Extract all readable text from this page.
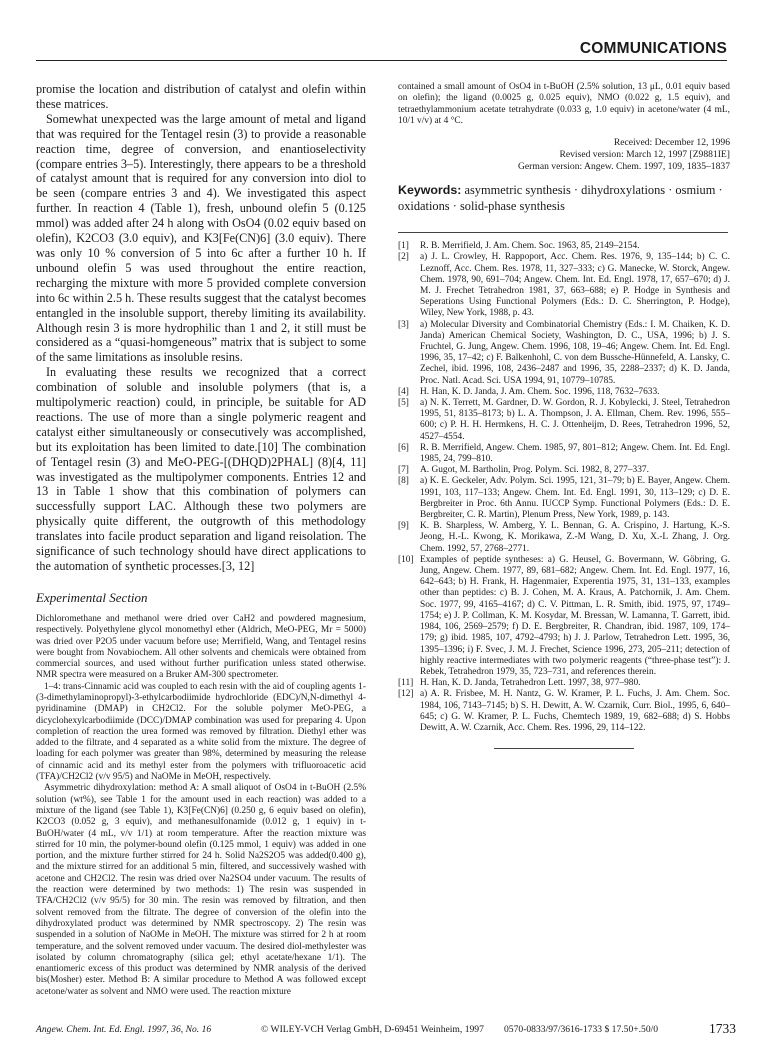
COMMUNICATIONS

promise the location and distribution of catalyst and olefin within these matrices.

Somewhat unexpected was the large amount of metal and ligand that was required for the Tentagel resin (3) to provide a reasonable reaction time, degree of conversion, and enantioselectivity (compare entries 3–5). Interestingly, there appears to be a threshold of catalyst amount that is required for any conversion into diol to be seen (compare entries 3 and 4). We investigated this aspect further. In reaction 4 (Table 1), fresh, unbound olefin 5 (0.125 mmol) was added after 24 h along with OsO4 (0.02 equiv based on olefin), K2CO3 (3.0 equiv), and K3[Fe(CN)6] (3.0 equiv). There was only 10 % conversion of 5 into 6c after a further 10 h. If unbound olefin 5 was used throughout the entire reaction, recharging the mixture with more 5 provided complete conversion into 6c within 2.5 h. These results suggest that the catalyst becomes entangled in the insoluble support, thereby limiting its availability. Although resin 3 is more hydrophilic than 1 and 2, it still must be considered as a “quasi-homgeneous” matrix that is subject to some of the same limitations as insoluble resins.

In evaluating these results we recognized that a correct combination of soluble and insoluble polymers (that is, a multipolymeric reaction) could, in principle, be suitable for AD reactions. The use of more than a single polymeric reagent and catalyst either simultaneously or consecutively was accomplished, but its exploitation has been limited to date.[10] The combination of Tentagel resin (3) and MeO-PEG-[(DHQD)2PHAL] (8)[4, 11] was investigated as the multipolymer components. Entries 12 and 13 in Table 1 show that this combination of polymers can successfully support LAC. Although these two polymers are physically quite different, the outgrowth of this methodology translates into facile product separation and ligand reisolation. The significance of such technology should have direct applications to the automation of synthetic processes.[3, 12]

Experimental Section

Dichloromethane and methanol were dried over CaH2 and powdered magnesium, respectively. Polyethylene glycol monomethyl ether (Aldrich, MeO-PEG, Mr = 5000) was dried over P2O5 under vacuum before use; Merrifield, Wang, and Tentagel resins were bought from Novabiochem. All other solvents and chemicals were obtained from commercial sources, and used without further purification unless stated otherwise. NMR spectra were measured on a Bruker AM-300 spectrometer.

1–4: trans-Cinnamic acid was coupled to each resin with the aid of coupling agents 1-(3-dimethylaminopropyl)-3-ethylcarbodiimide hydrochloride (EDC)/N,N-dimethyl 4-pyridinamine (DMAP) in CH2Cl2. For the soluble polymer MeO-PEG, a dicyclohexylcarbodiimide (DCC)/DMAP combination was used for preparing 4. Upon completion of reaction the urea formed was removed by filtration. Diethyl ether was added to the filtrate, and 4 separated as a white solid from the mixture. The degree of loading for each polymer was greater than 98%, determined by measuring the release of cinnamic acid and its methyl ester from the polymers with trifluoroacetic acid (TFA)/CH2Cl2 (v/v 95/5) and NaOMe in MeOH, respectively.

Asymmetric dihydroxylation: method A: A small aliquot of OsO4 in t-BuOH (2.5% solution (wt%), see Table 1 for the amount used in each reaction) was added to a mixture of the ligand (see Table 1), K3[Fe(CN)6] (0.250 g, 6 equiv based on olefin), K2CO3 (0.052 g, 3 equiv), and methanesulfonamide (0.012 g, 1 equiv) in t-BuOH/water (4 mL, v/v 1/1) at room temperature. After the reaction mixture was stirred for 10 min, the polymer-bound olefin (0.125 mmol, 1 equiv) was added in one portion, and the mixture further stirred for 24 h. Solid Na2S2O5 was added(0.400 g), and the mixture stirred for an additional 5 min, filtered, and successively washed with acetone and CH2Cl2. The resin was dried over Na2SO4 under vacuum. The results of the reaction were determined by two methods: 1) The resin was suspended in TFA/CH2Cl2 (v/v 95/5) for 30 min. The resin was removed by filtration, and then solvent removed from the filtrate. The degree of conversion of the olefin into the dihydroxylated product was determined by NMR spectroscopy. 2) The resin was suspended in a solution of NaOMe in MeOH. The mixture was stirred for 2 h at room temperature, and the solvent removed under vacuum. The desired diol-methylester was isolated by column chromatography (silica gel; ethyl acetate/hexane 1/1). The enantiomeric excess of this product was determined by NMR analysis of the derived bis(Mosher) ester. Method B: A similar procedure to Method A was followed except acetone/water as solvent and NMO were used. The reaction mixture

contained a small amount of OsO4 in t-BuOH (2.5% solution, 13 μL, 0.01 equiv based on olefin); the ligand (0.0025 g, 0.025 equiv), NMO (0.022 g, 1.5 equiv), and tetraethylammonium acetate tetrahydrate (0.033 g, 1.0 equiv) in acetone/water (4 mL, 10/1 v/v) at 4 °C.

Received: December 12, 1996
Revised version: March 12, 1997 [Z9881IE]
German version: Angew. Chem. 1997, 109, 1835–1837
Keywords: asymmetric synthesis · dihydroxylations · osmium · oxidations · solid-phase synthesis
[1] R. B. Merrifield, J. Am. Chem. Soc. 1963, 85, 2149–2154.
[2] a) J. L. Crowley, H. Rappoport, Acc. Chem. Res. 1976, 9, 135–144; b) C. C. Leznoff, Acc. Chem. Res. 1978, 11, 327–333; c) G. Manecke, W. Storck, Angew. Chem. 1978, 90, 691–704; Angew. Chem. Int. Ed. Engl. 1978, 17, 657–670; d) J. M. J. Frechet Tetrahedron 1981, 37, 663–688; e) P. Hodge in Synthesis and Seperations Using Functional Polymers (Eds.: D. C. Sherrington, P. Hodge), Wiley, New York, 1988, p. 43.
[3] a) Molecular Diversity and Combinatorial Chemistry (Eds.: I. M. Chaiken, K. D. Janda) American Chemical Society, Washington, D. C., USA, 1996; b) J. S. Fruchtel, G. Jung, Angew. Chem. 1996, 108, 19–46; Angew. Chem. Int. Ed. Engl. 1996, 35, 17–42; c) F. Balkenhohl, C. von dem Bussche-Hünnefeld, A. Lansky, C. Zechel, ibid. 1996, 108, 2436–2487 and 1996, 35, 2288–2337; d) K. D. Janda, Proc. Natl. Acad. Sci. USA 1994, 91, 10779–10785.
[4] H. Han, K. D. Janda, J. Am. Chem. Soc. 1996, 118, 7632–7633.
[5] a) N. K. Terrett, M. Gardner, D. W. Gordon, R. J. Kobylecki, J. Steel, Tetrahedron 1995, 51, 8135–8173; b) L. A. Thompson, J. A. Ellman, Chem. Rev. 1996, 555–600; c) P. H. H. Hermkens, H. C. J. Ottenheijm, D. Rees, Tetrahedron 1996, 52, 4527–4554.
[6] R. B. Merrifield, Angew. Chem. 1985, 97, 801–812; Angew. Chem. Int. Ed. Engl. 1985, 24, 799–810.
[7] A. Gugot, M. Bartholin, Prog. Polym. Sci. 1982, 8, 277–337.
[8] a) K. E. Geckeler, Adv. Polym. Sci. 1995, 121, 31–79; b) E. Bayer, Angew. Chem. 1991, 103, 117–133; Angew. Chem. Int. Ed. Engl. 1991, 30, 113–129; c) D. E. Bergbreiter in Proc. 6th Annu. IUCCP Symp. Functional Polymers (Eds.: D. E. Bergbreiter, C. R. Martin), Plenum Press, New York, 1989, p. 143.
[9] K. B. Sharpless, W. Amberg, Y. L. Bennan, G. A. Crispino, J. Hartung, K.-S. Jeong, H.-L. Kwong, K. Morikawa, Z.-M Wang, D. Xu, X.-L Zhang, J. Org. Chem. 1992, 57, 2768–2771.
[10] Examples of peptide syntheses: a) G. Heusel, G. Bovermann, W. Göbring, G. Jung, Angew. Chem. 1977, 89, 681–682; Angew. Chem. Int. Ed. Engl. 1977, 16, 642–643; b) H. Frank, H. Hagenmaier, Experentia 1975, 31, 131–133, examples other than peptides: c) B. J. Cohen, M. A. Kraus, A. Patchornik, J. Am. Chem. Soc. 1977, 99, 4165–4167; d) C. V. Pittman, L. R. Smith, ibid. 1975, 97, 1749–1754; e) J. P. Collman, K. M. Kosydar, M. Bressan, W. Lamanna, T. Garrett, ibid. 1984, 106, 2569–2579; f) D. E. Bergbreiter, R. Chandran, ibid. 1987, 109, 174–179; g) ibid. 1985, 107, 4792–4793; h) J. J. Parlow, Tetrahedron Lett. 1995, 36, 1395–1396; i) F. Svec, J. M. J. Frechet, Science 1996, 273, 205–211; detection of highly reactive intermediates with two polymeric reagents (“three-phase test”): J. Rebek, Tetrahedron 1979, 35, 723–731, and references therein.
[11] H. Han, K. D. Janda, Tetrahedron Lett. 1997, 38, 977–980.
[12] a) A. R. Frisbee, M. H. Nantz, G. W. Kramer, P. L. Fuchs, J. Am. Chem. Soc. 1984, 106, 7143–7145; b) S. H. Dewitt, A. W. Czarnik, Curr. Biol., 1995, 6, 640–645; c) G. W. Kramer, P. L. Fuchs, Chemtech 1989, 19, 682–688; d) S. Hobbs Dewitt, A. W. Czarnik, Acc. Chem. Res. 1996, 29, 114–122.
Angew. Chem. Int. Ed. Engl. 1997, 36, No. 16	© WILEY-VCH Verlag GmbH, D-69451 Weinheim, 1997 0570-0833/97/3616-1733 $ 17.50+.50/0	1733
